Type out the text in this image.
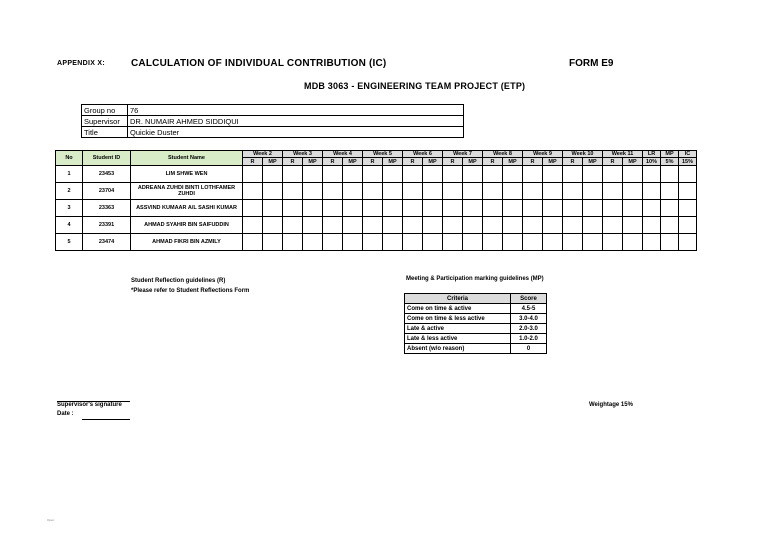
APPENDIX X:	CALCULATION OF INDIVIDUAL CONTRIBUTION (IC)	FORM E9
MDB 3063 - ENGINEERING TEAM PROJECT (ETP)
Group no	76
Supervisor	DR. NUMAIR AHMED SIDDIQUI
Title	Quickie Duster
No	Student ID	Student Name	Week 2		Week 3		Week 4		Week 5		Week 6		Week 7		Week 8		Week 9		Week 10		Week 11		LR	MP	IC
			R	MP	R	MP	R	MP	R	MP	R	MP	R	MP	R	MP	R	MP	R	MP	R	MP	10%	5%	15%
1	23453	LIM SHWE WEN																							
2	23704	ADREANA ZUHDI BINTI LOTHFAMER ZUHDI																							
3	23363	ASSVIND KUMAAR A/L SASHI KUMAR																							
4	23391	AHMAD SYAHIR BIN SAIFUDDIN																							
5	23474	AHMAD FIKRI BIN AZMILY																							
Student Reflection guidelines (R)
*Please refer to Student Reflections Form
Meeting & Participation marking guidelines (MP)
Criteria	Score
Come on time & active	4.5-5
Come on time & less active	3.0-4.0
Late & active	2.0-3.0
Late & less active	1.0-2.0
Absent (w/o reason)	0
Supervisor's signature
Date :
Weightage 15%
Open
